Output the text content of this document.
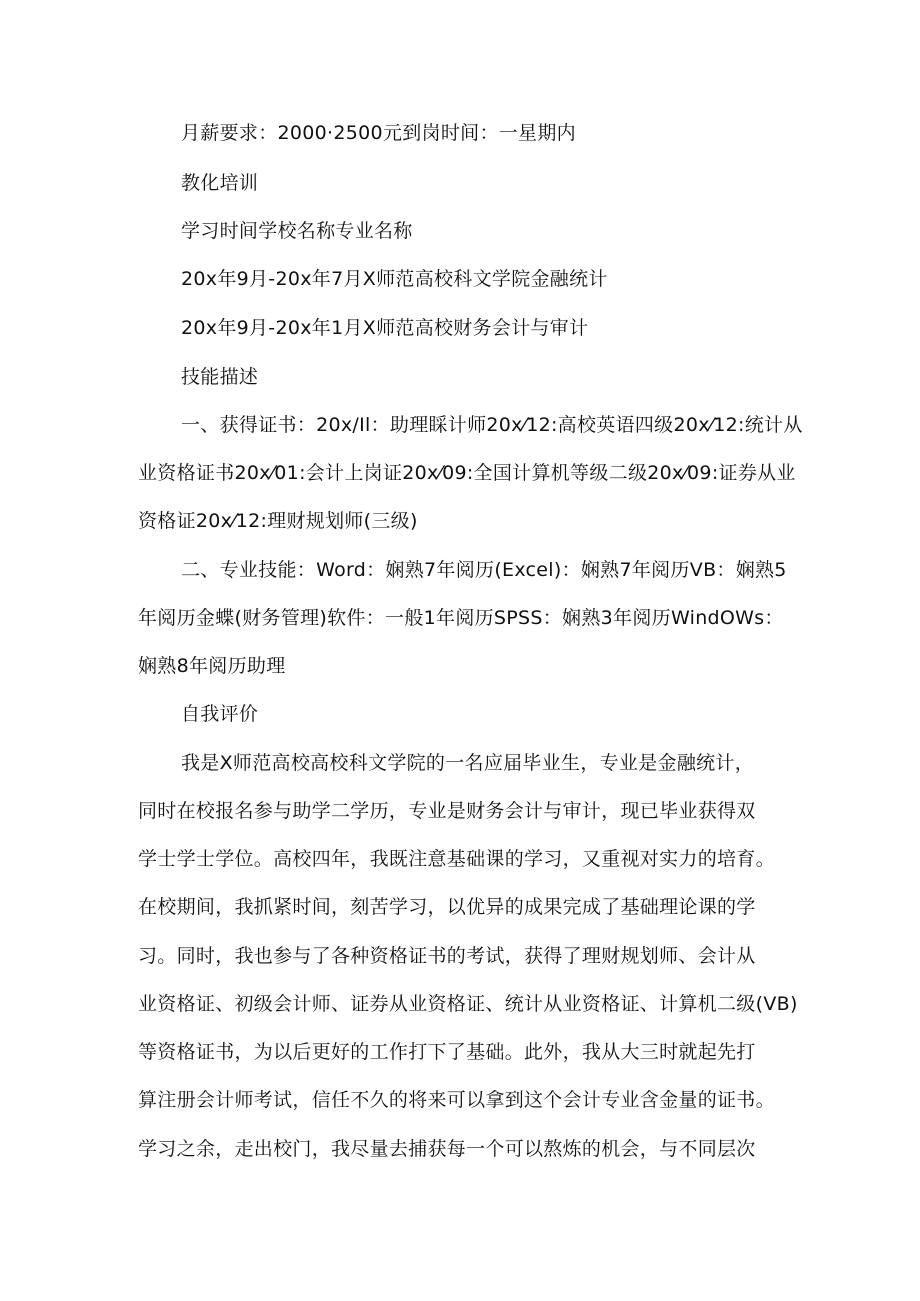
月薪要求：2000·2500元到岗时间：一星期内
教化培训
学习时间学校名称专业名称
20x年9月-20x年7月X师范高校科文学院金融统计
20x年9月-20x年1月X师范高校财务会计与审计
技能描述
一、获得证书：20x/Il：助理睬计师20x⁄12:高校英语四级20x⁄12:统计从
业资格证书20x⁄01:会计上岗证20x⁄09:全国计算机等级二级20x⁄09:证券从业
资格证20x⁄12:理财规划师(三级)
二、专业技能：Word：娴熟7年阅历(Excel)：娴熟7年阅历VB：娴熟5
年阅历金蝶(财务管理)软件：一般1年阅历SPSS：娴熟3年阅历WindOWs：
娴熟8年阅历助理
自我评价
我是X师范高校高校科文学院的一名应届毕业生，专业是金融统计，
同时在校报名参与助学二学历，专业是财务会计与审计，现已毕业获得双
学士学士学位。高校四年，我既注意基础课的学习，又重视对实力的培育。
在校期间，我抓紧时间，刻苦学习，以优异的成果完成了基础理论课的学
习。同时，我也参与了各种资格证书的考试，获得了理财规划师、会计从
业资格证、初级会计师、证券从业资格证、统计从业资格证、计算机二级(VB)
等资格证书，为以后更好的工作打下了基础。此外，我从大三时就起先打
算注册会计师考试，信任不久的将来可以拿到这个会计专业含金量的证书。
学习之余，走出校门，我尽量去捕获每一个可以熬炼的机会，与不同层次
